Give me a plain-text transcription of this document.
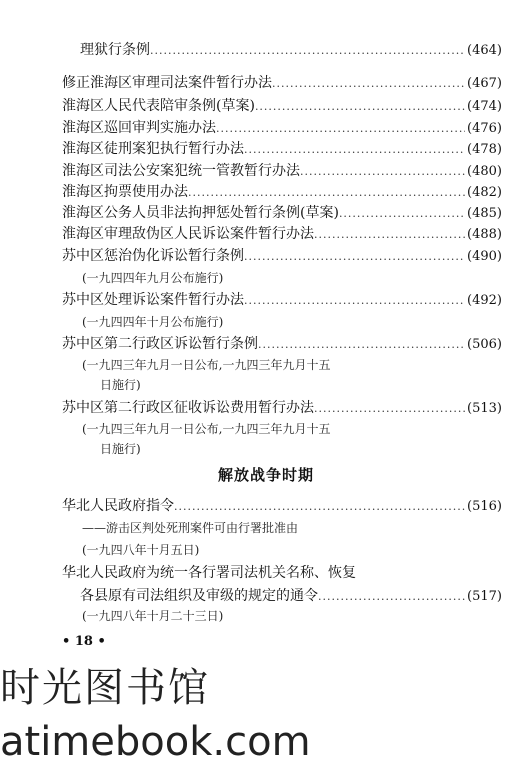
理狱行条例 .....	(464)
修正淮海区审理司法案件暂行办法 .....	(467)
淮海区人民代表陪审条例(草案) .....	(474)
淮海区巡回审判实施办法 .....	(476)
淮海区徒刑案犯执行暂行办法 .....	(478)
淮海区司法公安案犯统一管教暂行办法 .....	(480)
淮海区拘票使用办法 .....	(482)
淮海区公务人员非法拘押惩处暂行条例(草案) .....	(485)
淮海区审理敌伪区人民诉讼案件暂行办法 .....	(488)
苏中区惩治伪化诉讼暂行条例 .....	(490)
(一九四四年九月公布施行)
苏中区处理诉讼案件暂行办法 .....	(492)
(一九四四年十月公布施行)
苏中区第二行政区诉讼暂行条例 .....	(506)
(一九四三年九月一日公布,一九四三年九月十五
日施行)
苏中区第二行政区征收诉讼费用暂行办法 .....	(513)
(一九四三年九月一日公布,一九四三年九月十五
日施行)
解放战争时期
华北人民政府指令 .....	(516)
——游击区判处死刑案件可由行署批准由
(一九四八年十月五日)
华北人民政府为统一各行署司法机关名称、恢复
各县原有司法组织及审级的规定的通令 .....	(517)
(一九四八年十月二十三日)
• 18 •
时光图书馆
atimebook.com
